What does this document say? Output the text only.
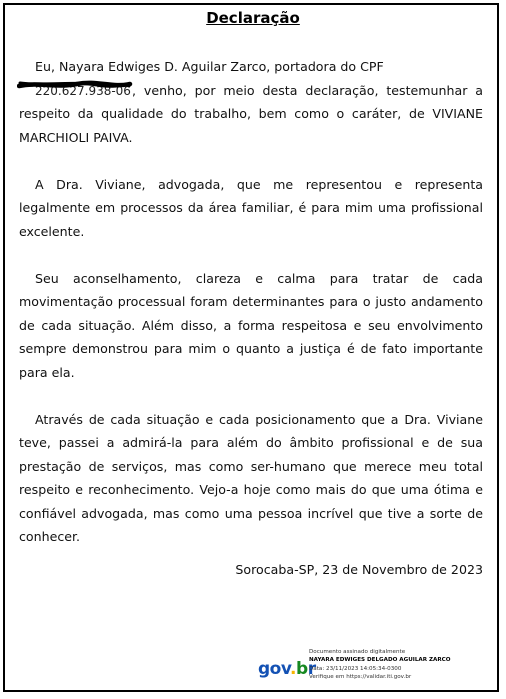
Declaração

Eu, Nayara Edwiges D. Aguilar Zarco, portadora do CPF

220.627.938-06 , venho, por meio desta declaração, testemunhar a respeito da qualidade do trabalho, bem como o caráter, de VIVIANE MARCHIOLI PAIVA.

A Dra. Viviane, advogada, que me representou e representa legalmente em processos da área familiar, é para mim uma profissional excelente.

Seu aconselhamento, clareza e calma para tratar de cada movimentação processual foram determinantes para o justo andamento de cada situação. Além disso, a forma respeitosa e seu envolvimento sempre demonstrou para mim o quanto a justiça é de fato importante para ela.

Através de cada situação e cada posicionamento que a Dra. Viviane teve, passei a admirá-la para além do âmbito profissional e de sua prestação de serviços, mas como ser-humano que merece meu total respeito e reconhecimento. Vejo-a hoje como mais do que uma ótima e confiável advogada, mas como uma pessoa incrível que tive a sorte de conhecer.

Sorocaba-SP, 23 de Novembro de 2023
gov.br
Documento assinado digitalmente
NAYARA EDWIGES DELGADO AGUILAR ZARCO
Data: 23/11/2023 14:05:34-0300
Verifique em https://validar.iti.gov.br
